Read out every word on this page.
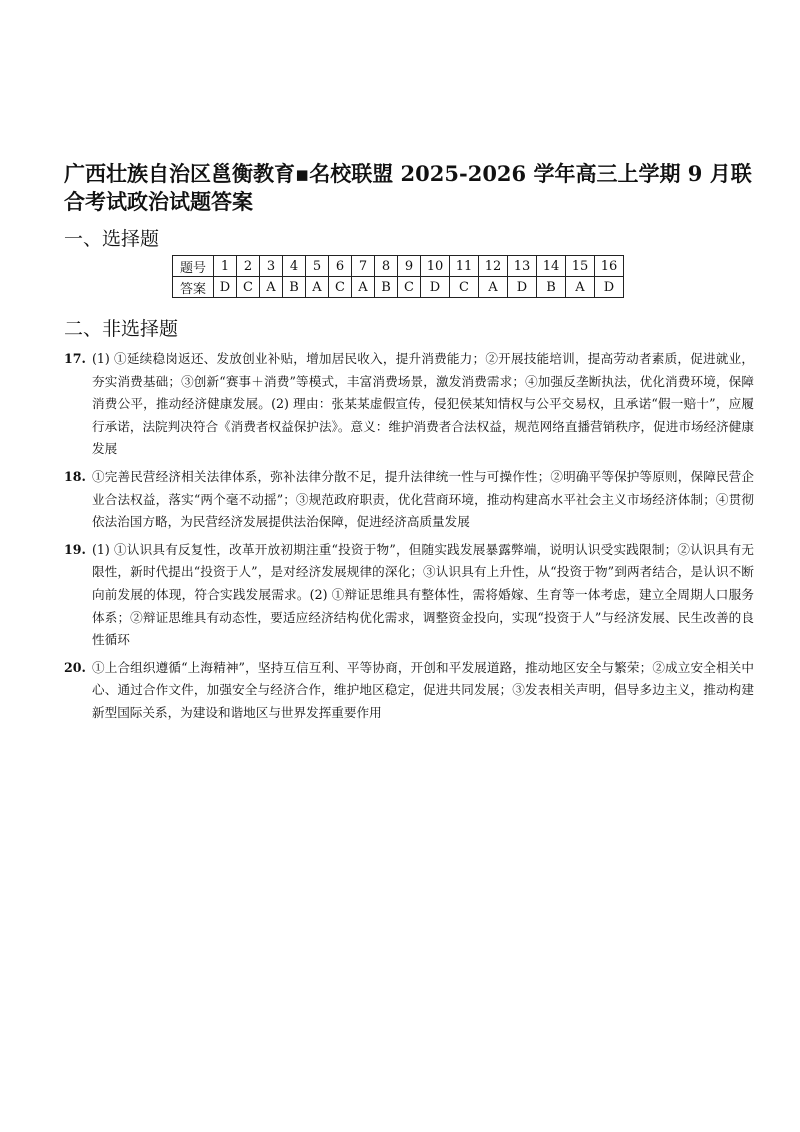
广西壮族自治区邕衡教育▪名校联盟 2025-2026 学年高三上学期 9 月联合考试政治试题答案
一、选择题
题号	1	2	3	4	5	6	7	8	9	10	11	12	13	14	15	16
答案	D	C	A	B	A	C	A	B	C	D	C	A	D	B	A	D
二、非选择题
17. (1) ①延续稳岗返还、发放创业补贴，增加居民收入，提升消费能力；②开展技能培训，提高劳动者素质，促进就业，夯实消费基础；③创新“赛事＋消费”等模式，丰富消费场景，激发消费需求；④加强反垄断执法，优化消费环境，保障消费公平，推动经济健康发展。(2) 理由：张某某虚假宣传，侵犯侯某知情权与公平交易权，且承诺“假一赔十”，应履行承诺，法院判决符合《消费者权益保护法》。意义：维护消费者合法权益，规范网络直播营销秩序，促进市场经济健康发展
18. ①完善民营经济相关法律体系，弥补法律分散不足，提升法律统一性与可操作性；②明确平等保护等原则，保障民营企业合法权益，落实“两个毫不动摇”；③规范政府职责，优化营商环境，推动构建高水平社会主义市场经济体制；④贯彻依法治国方略，为民营经济发展提供法治保障，促进经济高质量发展
19. (1) ①认识具有反复性，改革开放初期注重“投资于物”，但随实践发展暴露弊端，说明认识受实践限制；②认识具有无限性，新时代提出“投资于人”，是对经济发展规律的深化；③认识具有上升性，从“投资于物”到两者结合，是认识不断向前发展的体现，符合实践发展需求。(2) ①辩证思维具有整体性，需将婚嫁、生育等一体考虑，建立全周期人口服务体系；②辩证思维具有动态性，要适应经济结构优化需求，调整资金投向，实现“投资于人”与经济发展、民生改善的良性循环
20. ①上合组织遵循“上海精神”，坚持互信互利、平等协商，开创和平发展道路，推动地区安全与繁荣；②成立安全相关中心、通过合作文件，加强安全与经济合作，维护地区稳定，促进共同发展；③发表相关声明，倡导多边主义，推动构建新型国际关系，为建设和谐地区与世界发挥重要作用
